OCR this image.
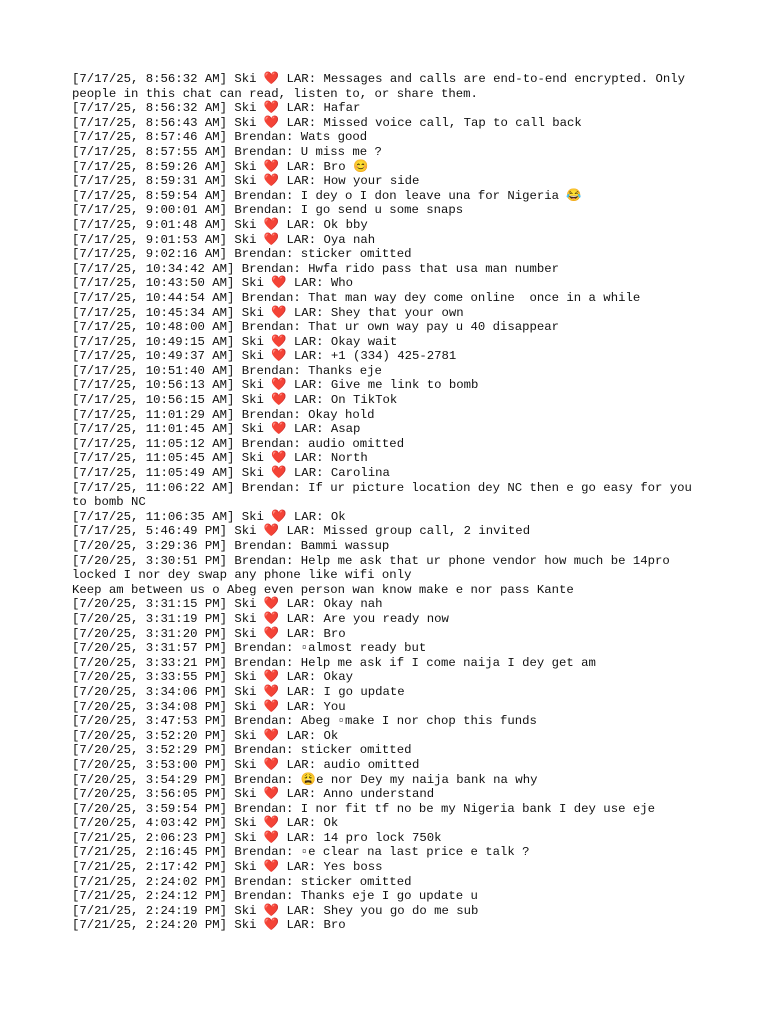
[7/17/25, 8:56:32 AM] Ski ❤️ LAR: Messages and calls are end-to-end encrypted. Only people in this chat can read, listen to, or share them.
[7/17/25, 8:56:32 AM] Ski ❤️ LAR: Hafar
[7/17/25, 8:56:43 AM] Ski ❤️ LAR: Missed voice call, Tap to call back
[7/17/25, 8:57:46 AM] Brendan: Wats good
[7/17/25, 8:57:55 AM] Brendan: U miss me ?
[7/17/25, 8:59:26 AM] Ski ❤️ LAR: Bro 😊
[7/17/25, 8:59:31 AM] Ski ❤️ LAR: How your side
[7/17/25, 8:59:54 AM] Brendan: I dey o I don leave una for Nigeria 😂
[7/17/25, 9:00:01 AM] Brendan: I go send u some snaps
[7/17/25, 9:01:48 AM] Ski ❤️ LAR: Ok bby
[7/17/25, 9:01:53 AM] Ski ❤️ LAR: Oya nah
[7/17/25, 9:02:16 AM] Brendan: sticker omitted
[7/17/25, 10:34:42 AM] Brendan: Hwfa rido pass that usa man number
[7/17/25, 10:43:50 AM] Ski ❤️ LAR: Who
[7/17/25, 10:44:54 AM] Brendan: That man way dey come online  once in a while
[7/17/25, 10:45:34 AM] Ski ❤️ LAR: Shey that your own
[7/17/25, 10:48:00 AM] Brendan: That ur own way pay u 40 disappear
[7/17/25, 10:49:15 AM] Ski ❤️ LAR: Okay wait
[7/17/25, 10:49:37 AM] Ski ❤️ LAR: +1 (334) 425-2781
[7/17/25, 10:51:40 AM] Brendan: Thanks eje
[7/17/25, 10:56:13 AM] Ski ❤️ LAR: Give me link to bomb
[7/17/25, 10:56:15 AM] Ski ❤️ LAR: On TikTok
[7/17/25, 11:01:29 AM] Brendan: Okay hold
[7/17/25, 11:01:45 AM] Ski ❤️ LAR: Asap
[7/17/25, 11:05:12 AM] Brendan: audio omitted
[7/17/25, 11:05:45 AM] Ski ❤️ LAR: North
[7/17/25, 11:05:49 AM] Ski ❤️ LAR: Carolina
[7/17/25, 11:06:22 AM] Brendan: If ur picture location dey NC then e go easy for you to bomb NC
[7/17/25, 11:06:35 AM] Ski ❤️ LAR: Ok
[7/17/25, 5:46:49 PM] Ski ❤️ LAR: Missed group call, 2 invited
[7/20/25, 3:29:36 PM] Brendan: Bammi wassup
[7/20/25, 3:30:51 PM] Brendan: Help me ask that ur phone vendor how much be 14pro locked I nor dey swap any phone like wifi only
Keep am between us o Abeg even person wan know make e nor pass Kante
[7/20/25, 3:31:15 PM] Ski ❤️ LAR: Okay nah
[7/20/25, 3:31:19 PM] Ski ❤️ LAR: Are you ready now
[7/20/25, 3:31:20 PM] Ski ❤️ LAR: Bro
[7/20/25, 3:31:57 PM] Brendan: ▫almost ready but
[7/20/25, 3:33:21 PM] Brendan: Help me ask if I come naija I dey get am
[7/20/25, 3:33:55 PM] Ski ❤️ LAR: Okay
[7/20/25, 3:34:06 PM] Ski ❤️ LAR: I go update
[7/20/25, 3:34:08 PM] Ski ❤️ LAR: You
[7/20/25, 3:47:53 PM] Brendan: Abeg ▫make I nor chop this funds
[7/20/25, 3:52:20 PM] Ski ❤️ LAR: Ok
[7/20/25, 3:52:29 PM] Brendan: sticker omitted
[7/20/25, 3:53:00 PM] Ski ❤️ LAR: audio omitted
[7/20/25, 3:54:29 PM] Brendan: 😩e nor Dey my naija bank na why
[7/20/25, 3:56:05 PM] Ski ❤️ LAR: Anno understand
[7/20/25, 3:59:54 PM] Brendan: I nor fit tf no be my Nigeria bank I dey use eje
[7/20/25, 4:03:42 PM] Ski ❤️ LAR: Ok
[7/21/25, 2:06:23 PM] Ski ❤️ LAR: 14 pro lock 750k
[7/21/25, 2:16:45 PM] Brendan: ▫e clear na last price e talk ?
[7/21/25, 2:17:42 PM] Ski ❤️ LAR: Yes boss
[7/21/25, 2:24:02 PM] Brendan: sticker omitted
[7/21/25, 2:24:12 PM] Brendan: Thanks eje I go update u
[7/21/25, 2:24:19 PM] Ski ❤️ LAR: Shey you go do me sub
[7/21/25, 2:24:20 PM] Ski ❤️ LAR: Bro
